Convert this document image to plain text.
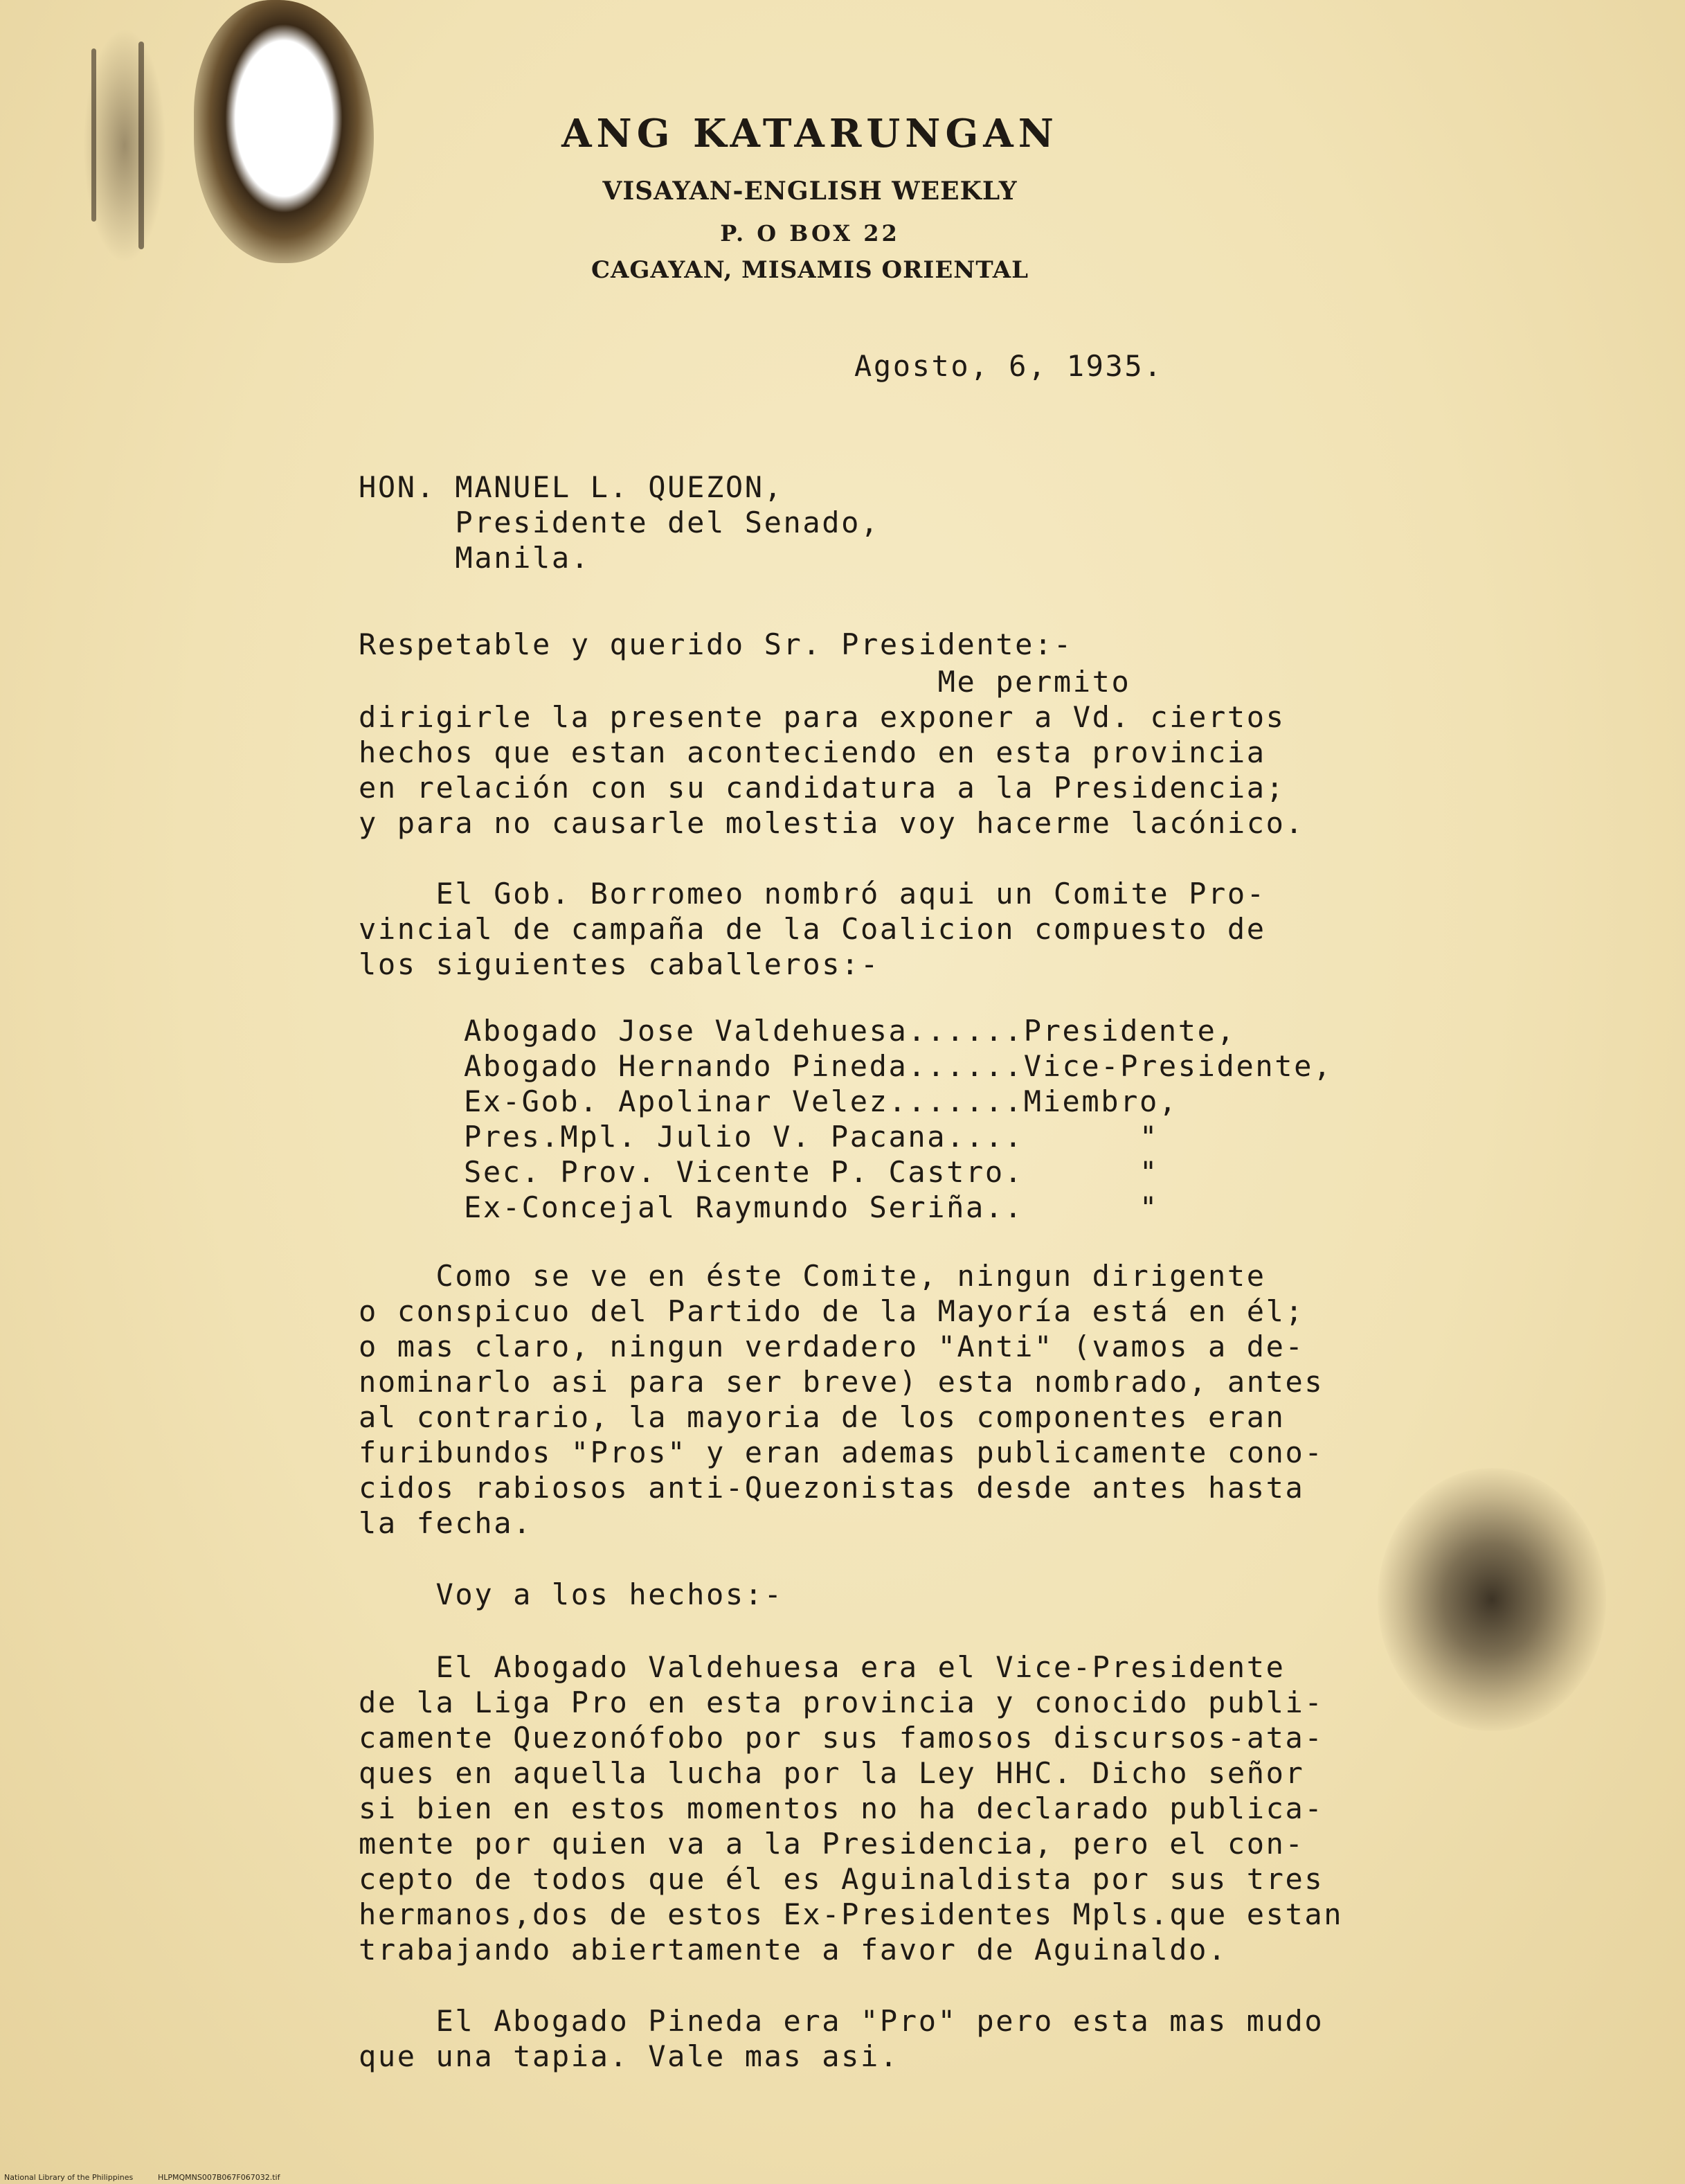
ANG KATARUNGAN
VISAYAN-ENGLISH WEEKLY
P. O BOX 22
CAGAYAN, MISAMIS ORIENTAL
Agosto, 6, 1935.
HON. MANUEL L. QUEZON,
Presidente del Senado,
Manila.
Respetable y querido Sr. Presidente:-
Me permito
dirigirle la presente para exponer a Vd. ciertos
hechos que estan aconteciendo en esta provincia
en relación con su candidatura a la Presidencia;
y para no causarle molestia voy hacerme lacónico.
El Gob. Borromeo nombró aqui un Comite Pro-
vincial de campaña de la Coalicion compuesto de
los siguientes caballeros:-
Abogado Jose Valdehuesa......Presidente,
Abogado Hernando Pineda......Vice-Presidente,
Ex-Gob. Apolinar Velez.......Miembro,
Pres.Mpl. Julio V. Pacana....      "
Sec. Prov. Vicente P. Castro.      "
Ex-Concejal Raymundo Seriña..      "
Como se ve en éste Comite, ningun dirigente
o conspicuo del Partido de la Mayoría está en él;
o mas claro, ningun verdadero "Anti" (vamos a de-
nominarlo asi para ser breve) esta nombrado, antes
al contrario, la mayoria de los componentes eran
furibundos "Pros" y eran ademas publicamente cono-
cidos rabiosos anti-Quezonistas desde antes hasta
la fecha.
Voy a los hechos:-
El Abogado Valdehuesa era el Vice-Presidente
de la Liga Pro en esta provincia y conocido publi-
camente Quezonófobo por sus famosos discursos-ata-
ques en aquella lucha por la Ley HHC. Dicho señor
si bien en estos momentos no ha declarado publica-
mente por quien va a la Presidencia, pero el con-
cepto de todos que él es Aguinaldista por sus tres
hermanos,dos de estos Ex-Presidentes Mpls.que estan
trabajando abiertamente a favor de Aguinaldo.
El Abogado Pineda era "Pro" pero esta mas mudo
que una tapia. Vale mas asi.
National Library of the Philippines	HLPMQMNS007B067F067032.tif
